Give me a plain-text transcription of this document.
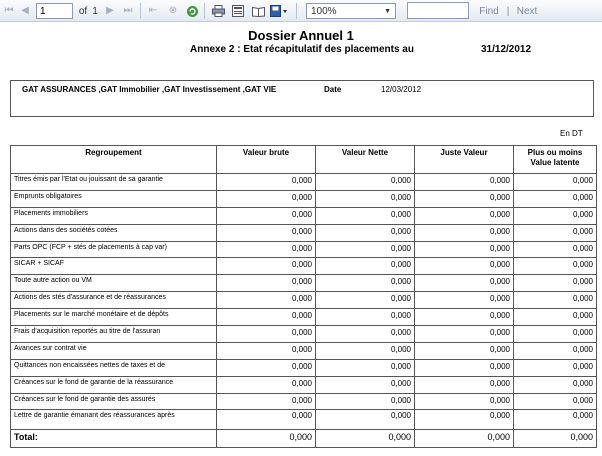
⏮ ◀
1	of 1 ▶ ⏭ ⇤ ⊗	100%	▼	Find | Next
Dossier Annuel 1
Annexe 2 : Etat récapitulatif des placements au	31/12/2012
GAT ASSURANCES ,GAT Immobilier ,GAT Investissement ,GAT VIE	Date	12/03/2012
En DT
Regroupement	Valeur brute	Valeur Nette	Juste Valeur	Plus ou moins Value latente
Titres émis par l'Etat ou jouissant de sa garantie	0,000	0,000	0,000	0,000
Emprunts obligatoires	0,000	0,000	0,000	0,000
Placements immobiliers	0,000	0,000	0,000	0,000
Actions dans des sociétés cotées	0,000	0,000	0,000	0,000
Parts OPC (FCP + stés de placements à cap var)	0,000	0,000	0,000	0,000
SICAR + SICAF	0,000	0,000	0,000	0,000
Toute autre action ou VM	0,000	0,000	0,000	0,000
Actions des stés d'assurance et de réassurances	0,000	0,000	0,000	0,000
Placements sur le marché monétaire et de dépôts	0,000	0,000	0,000	0,000
Frais d'acquisition reportés au titre de l'assuran	0,000	0,000	0,000	0,000
Avances sur contrat vie	0,000	0,000	0,000	0,000
Quittances non encaissées nettes de taxes et de	0,000	0,000	0,000	0,000
Créances sur le fond de garantie de la réassurance	0,000	0,000	0,000	0,000
Créances sur le fond de garantie des assurés	0,000	0,000	0,000	0,000
Lettre de garantie émanant des réassurances après	0,000	0,000	0,000	0,000
Total:	0,000	0,000	0,000	0,000
